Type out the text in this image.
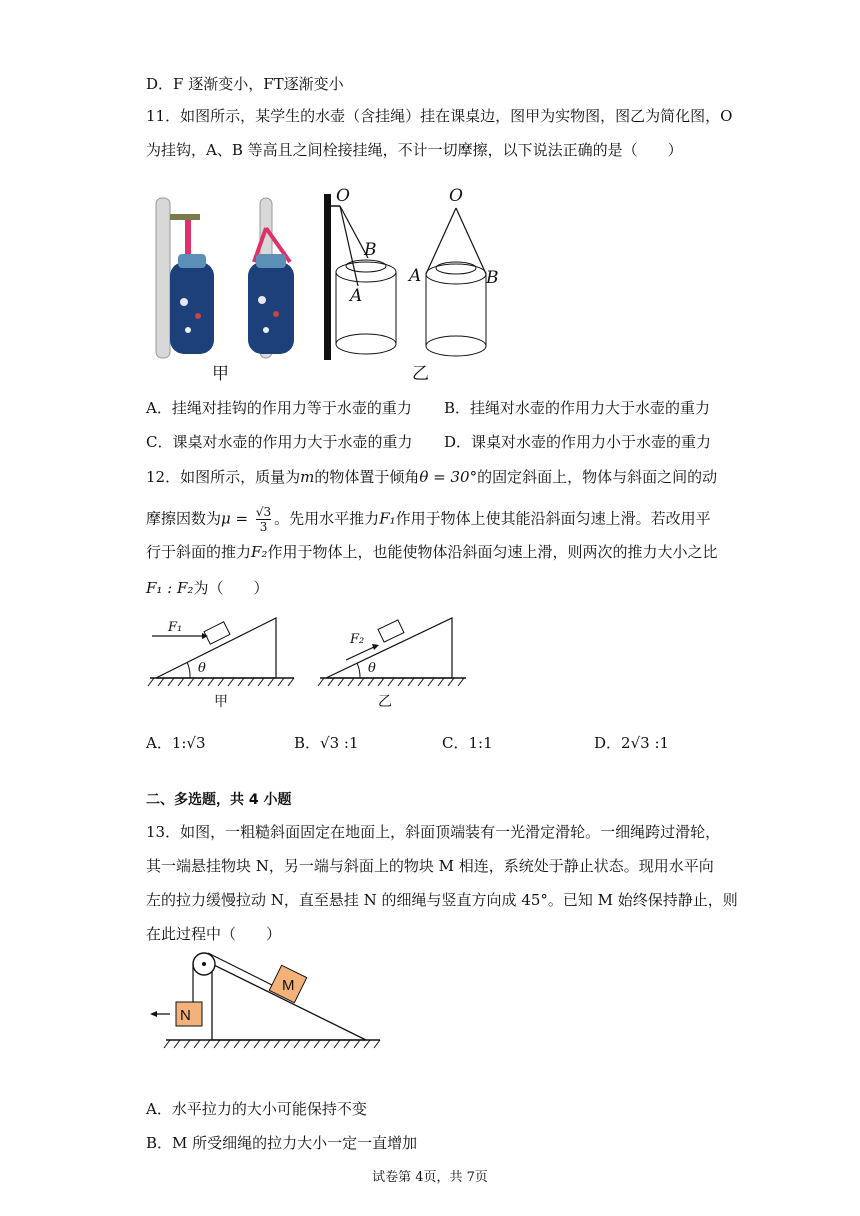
D．F 逐渐变小，FT逐渐变小
11．如图所示，某学生的水壶（含挂绳）挂在课桌边，图甲为实物图，图乙为简化图，O
为挂钩，A、B 等高且之间栓接挂绳，不计一切摩擦，以下说法正确的是（　　）
甲
O
B
A
O
A	B
乙
A．挂绳对挂钩的作用力等于水壶的重力 B．挂绳对水壶的作用力大于水壶的重力
C．课桌对水壶的作用力大于水壶的重力 D．课桌对水壶的作用力小于水壶的重力
12．如图所示，质量为m的物体置于倾角θ = 30°的固定斜面上，物体与斜面之间的动
摩擦因数为$\mu = \frac{√3}{3}$ 。先用水平推力F₁作用于物体上使其能沿斜面匀速上滑。若改用平
行于斜面的推力F₂作用于物体上，也能使物体沿斜面匀速上滑，则两次的推力大小之比
F₁ : F₂为（　　）
F₁
θ
F₂
θ
甲	乙
A．1:√3	B．√3 :1	C．1:1	D．2√3 :1
二、多选题，共 4 小题
13．如图，一粗糙斜面固定在地面上，斜面顶端装有一光滑定滑轮。一细绳跨过滑轮，
其一端悬挂物块 N，另一端与斜面上的物块 M 相连，系统处于静止状态。现用水平向
左的拉力缓慢拉动 N，直至悬挂 N 的细绳与竖直方向成 45°。已知 M 始终保持静止，则
在此过程中（　　）
M
N
A．水平拉力的大小可能保持不变
B．M 所受细绳的拉力大小一定一直增加
试卷第 4页，共 7页
